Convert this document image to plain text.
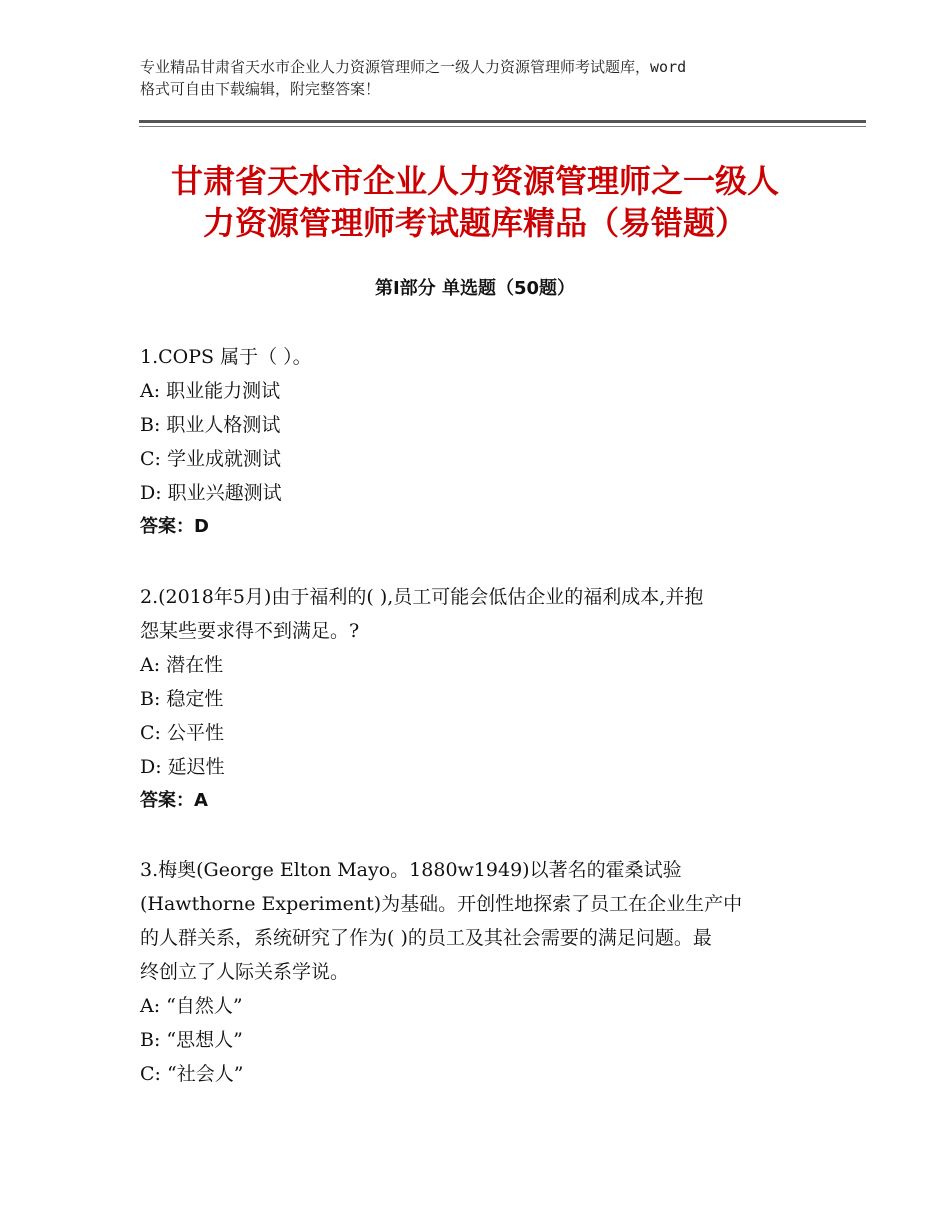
专业精品甘肃省天水市企业人力资源管理师之一级人力资源管理师考试题库，word
格式可自由下载编辑，附完整答案！
甘肃省天水市企业人力资源管理师之一级人
力资源管理师考试题库精品（易错题）
第Ⅰ部分 单选题（50题）
1.COPS 属于（ ）。
A: 职业能力测试
B: 职业人格测试
C: 学业成就测试
D: 职业兴趣测试
答案：D
2.(2018年5月)由于福利的( ),员工可能会低估企业的福利成本,并抱
怨某些要求得不到满足。?
A: 潜在性
B: 稳定性
C: 公平性
D: 延迟性
答案：A
3.梅奥(George Elton Mayo。1880w1949)以著名的霍桑试验
(Hawthorne Experiment)为基础。开创性地探索了员工在企业生产中
的人群关系，系统研究了作为( )的员工及其社会需要的满足问题。最
终创立了人际关系学说。
A: “自然人”
B: “思想人”
C: “社会人”
